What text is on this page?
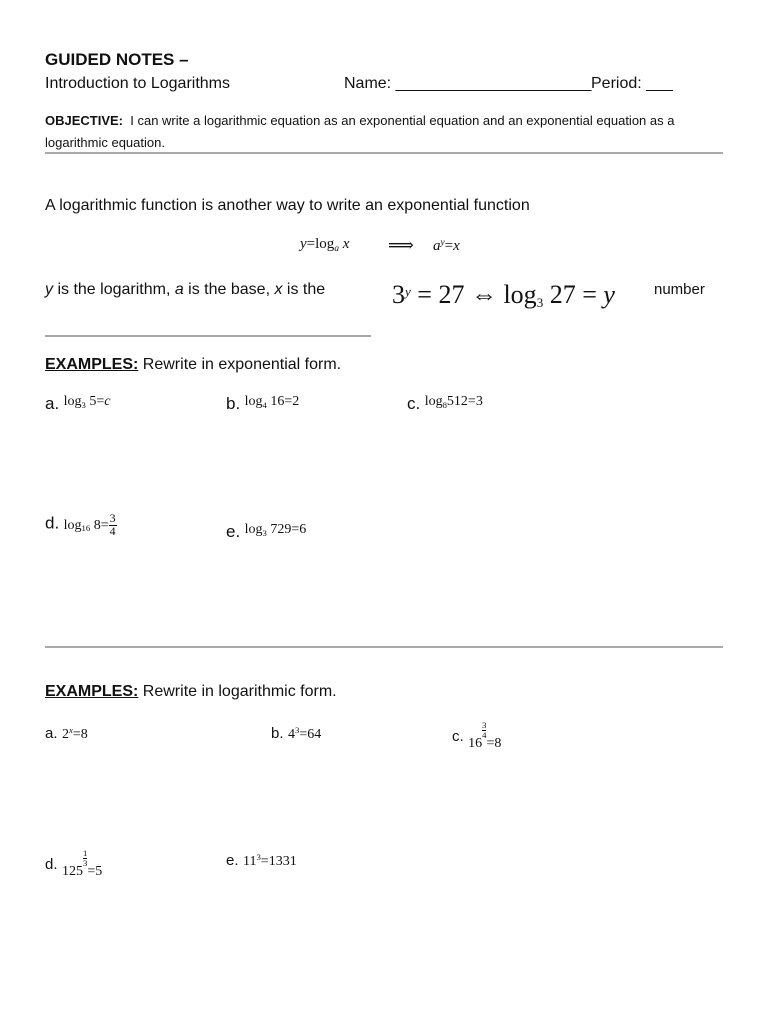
GUIDED NOTES –
Introduction to Logarithms	Name: ______________________ Period: ___
OBJECTIVE: I can write a logarithmic equation as an exponential equation and an exponential equation as a
logarithmic equation.
A logarithmic function is another way to write an exponential function
$y=\log_a$ x ⟹ $a^y=x$
y is the logarithm, a is the base, x is the	$3^y = 27$ ⇔ $\log_3 27 = y$	number
EXAMPLES: Rewrite in exponential form.
a. $\log_3 5=c$	b. $\log_4 16=2$	c. $\log_8512=3$
d. $\log_{16} 8= \frac{3}{4}$	e. $\log_3 729=6$
EXAMPLES: Rewrite in logarithmic form.
a. $2^x=8$	b. $4^3=64$	c. 16
$\frac{3}{4}$
=8
d. 125
$\frac{1}{3}$
=5
e. $11^3=1331$
